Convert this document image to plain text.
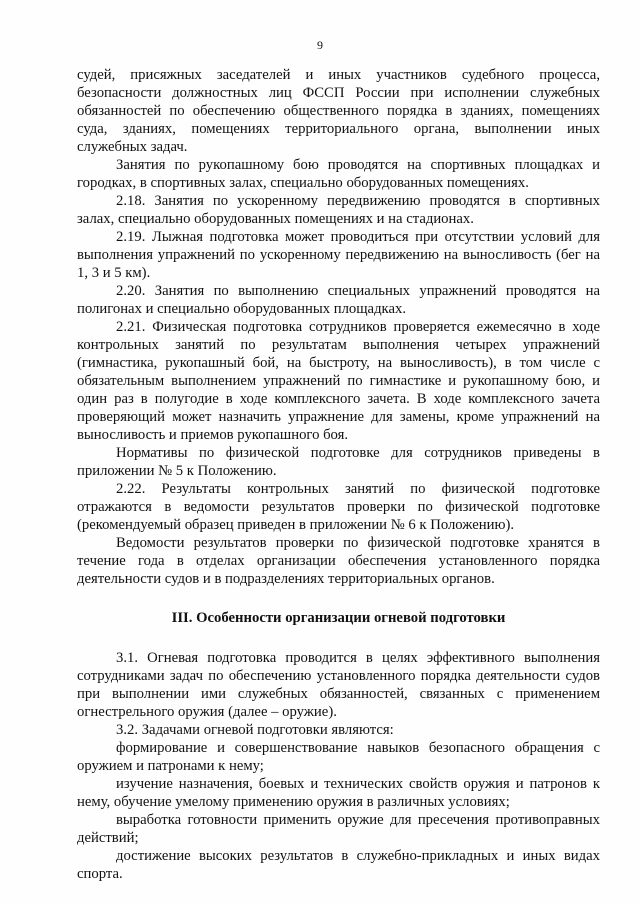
9

судей, присяжных заседателей и иных участников судебного процесса, безопасности должностных лиц ФССП России при исполнении служебных обязанностей по обеспечению общественного порядка в зданиях, помещениях суда, зданиях, помещениях территориального органа, выполнении иных служебных задач.

Занятия по рукопашному бою проводятся на спортивных площадках и городках, в спортивных залах, специально оборудованных помещениях.

2.18. Занятия по ускоренному передвижению проводятся в спортивных залах, специально оборудованных помещениях и на стадионах.

2.19. Лыжная подготовка может проводиться при отсутствии условий для выполнения упражнений по ускоренному передвижению на выносливость (бег на 1, 3 и 5 км).

2.20. Занятия по выполнению специальных упражнений проводятся на полигонах и специально оборудованных площадках.

2.21. Физическая подготовка сотрудников проверяется ежемесячно в ходе контрольных занятий по результатам выполнения четырех упражнений (гимнастика, рукопашный бой, на быстроту, на выносливость), в том числе с обязательным выполнением упражнений по гимнастике и рукопашному бою, и один раз в полугодие в ходе комплексного зачета. В ходе комплексного зачета проверяющий может назначить упражнение для замены, кроме упражнений на выносливость и приемов рукопашного боя.

Нормативы по физической подготовке для сотрудников приведены в приложении № 5 к Положению.

2.22. Результаты контрольных занятий по физической подготовке отражаются в ведомости результатов проверки по физической подготовке (рекомендуемый образец приведен в приложении № 6 к Положению).

Ведомости результатов проверки по физической подготовке хранятся в течение года в отделах организации обеспечения установленного порядка деятельности судов и в подразделениях территориальных органов.

III. Особенности организации огневой подготовки

3.1. Огневая подготовка проводится в целях эффективного выполнения сотрудниками задач по обеспечению установленного порядка деятельности судов при выполнении ими служебных обязанностей, связанных с применением огнестрельного оружия (далее – оружие).

3.2. Задачами огневой подготовки являются:

формирование и совершенствование навыков безопасного обращения с оружием и патронами к нему;

изучение назначения, боевых и технических свойств оружия и патронов к нему, обучение умелому применению оружия в различных условиях;

выработка готовности применить оружие для пресечения противоправных действий;

достижение высоких результатов в служебно-прикладных и иных видах спорта.
